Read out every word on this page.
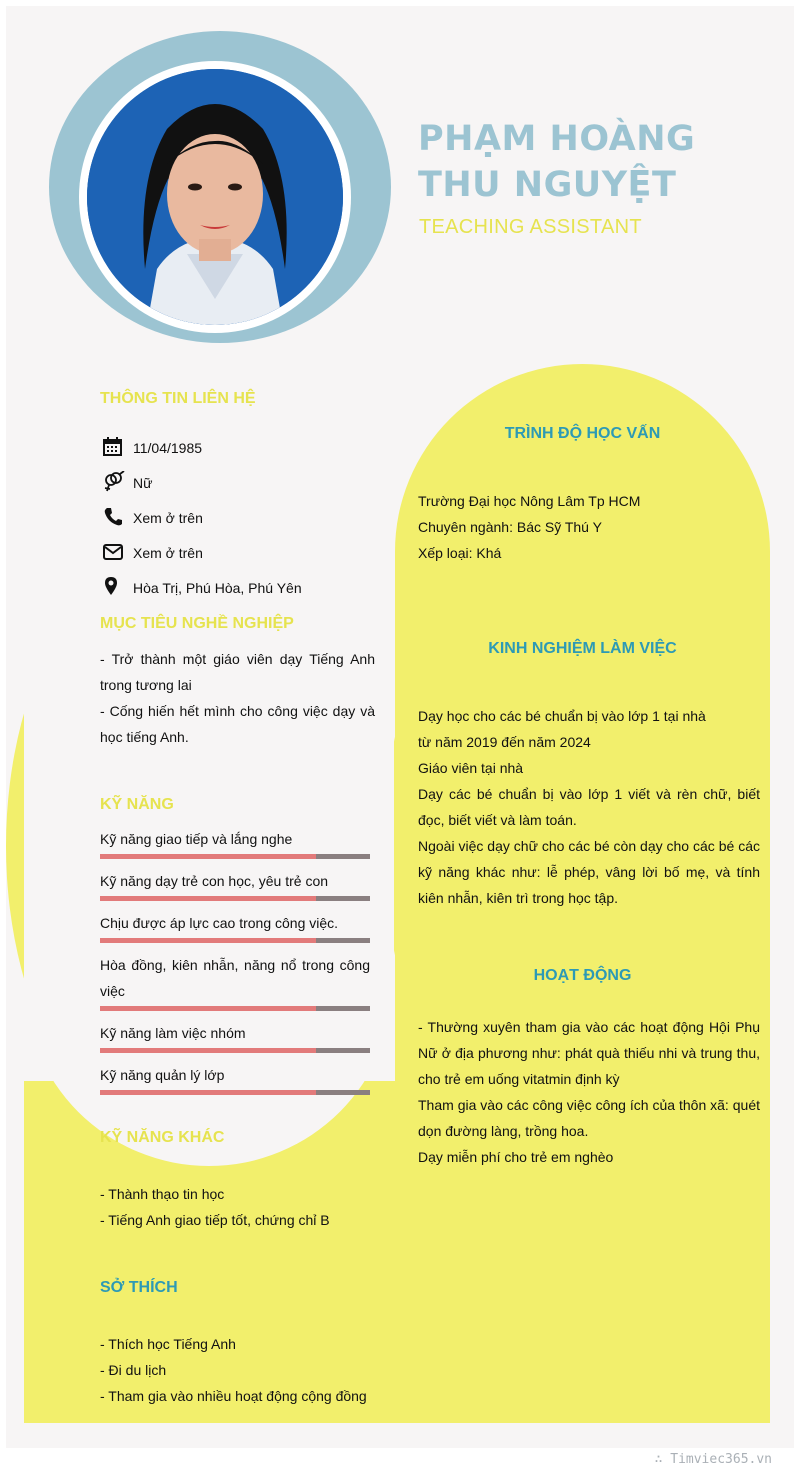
PHẠM HOÀNG THU NGUYỆT
TEACHING ASSISTANT
THÔNG TIN LIÊN HỆ
11/04/1985
Nữ
Xem ở trên
Xem ở trên
Hòa Trị, Phú Hòa, Phú Yên
MỤC TIÊU NGHỀ NGHIỆP
- Trở thành một giáo viên dạy Tiếng Anh trong tương lai
- Cống hiến hết mình cho công việc dạy và học tiếng Anh.
KỸ NĂNG
Kỹ năng giao tiếp và lắng nghe
Kỹ năng dạy trẻ con học, yêu trẻ con
Chịu được áp lực cao trong công việc.
Hòa đồng, kiên nhẫn, năng nổ trong công việc
Kỹ năng làm việc nhóm
Kỹ năng quản lý lớp
KỸ NĂNG KHÁC
- Thành thạo tin học
- Tiếng Anh giao tiếp tốt, chứng chỉ B
SỞ THÍCH
- Thích học Tiếng Anh
- Đi du lịch
- Tham gia vào nhiều hoạt động cộng đồng
TRÌNH ĐỘ HỌC VẤN
Trường Đại học Nông Lâm Tp HCM
Chuyên ngành: Bác Sỹ Thú Y
Xếp loại: Khá
KINH NGHIỆM LÀM VIỆC
Dạy học cho các bé chuẩn bị vào lớp 1 tại nhà
từ năm 2019 đến năm 2024
Giáo viên tại nhà
Dạy các bé chuẩn bị vào lớp 1 viết và rèn chữ, biết đọc, biết viết và làm toán.
Ngoài việc dạy chữ cho các bé còn dạy cho các bé các kỹ năng khác như: lễ phép, vâng lời bố mẹ, và tính kiên nhẫn, kiên trì trong học tập.
HOẠT ĐỘNG
- Thường xuyên tham gia vào các hoạt động Hội Phụ Nữ ở địa phương như: phát quà thiếu nhi và trung thu, cho trẻ em uống vitatmin định kỳ
Tham gia vào các công việc công ích của thôn xã: quét dọn đường làng, trồng hoa.
Dạy miễn phí cho trẻ em nghèo
∴ Timviec365.vn
